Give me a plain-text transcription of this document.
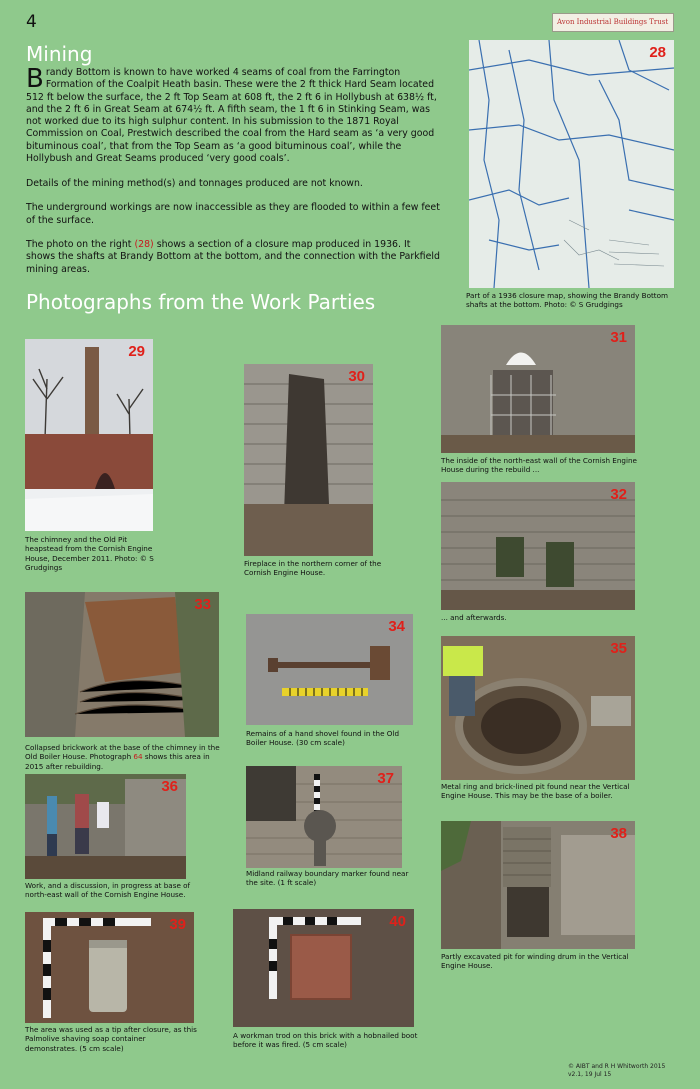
4	Avon Industrial Buildings Trust
Mining

Brandy Bottom is known to have worked 4 seams of coal from the Farrington Formation of the Coalpit Heath basin. These were the 2 ft thick Hard Seam located 512 ft below the surface, the 2 ft Top Seam at 608 ft, the 2 ft 6 in Hollybush at 638½ ft, and the 2 ft 6 in Great Seam at 674½ ft. A fifth seam, the 1 ft 6 in Stinking Seam, was not worked due to its high sulphur content. In his submission to the 1871 Royal Commission on Coal, Prestwich described the coal from the Hard seam as ‘a very good bituminous coal’, that from the Top Seam as ‘a good bituminous coal’, while the Hollybush and Great Seams produced ‘very good coals’.

Details of the mining method(s) and tonnages produced are not known.

The underground workings are now inaccessible as they are flooded to within a few feet of the surface.

The photo on the right (28) shows a section of a closure map produced in 1936. It shows the shafts at Brandy Bottom at the bottom, and the connection with the Parkfield mining areas.

Photographs from the Work Parties
28
Part of a 1936 closure map, showing the Brandy Bottom shafts at the bottom. Photo: © S Grudgings
29
The chimney and the Old Pit heapstead from the Cornish Engine House, December 2011. Photo: © S Grudgings
30
Fireplace in the northern corner of the Cornish Engine House.
31
The inside of the north-east wall of the Cornish Engine House during the rebuild ...
32
... and afterwards.
33
Collapsed brickwork at the base of the chimney in the Old Boiler House. Photograph 64 shows this area in 2015 after rebuilding.
34
Remains of a hand shovel found in the Old Boiler House. (30 cm scale)
35
Metal ring and brick-lined pit found near the Vertical Engine House. This may be the base of a boiler.
36
Work, and a discussion, in progress at base of north-east wall of the Cornish Engine House.
37
Midland railway boundary marker found near the site. (1 ft scale)
38
Partly excavated pit for winding drum in the Vertical Engine House.
39
The area was used as a tip after closure, as this Palmolive shaving soap container demonstrates. (5 cm scale)
40
A workman trod on this brick with a hobnailed boot before it was fired. (5 cm scale)
© AIBT and R H Whitworth 2015
v2.1, 19 Jul 15
